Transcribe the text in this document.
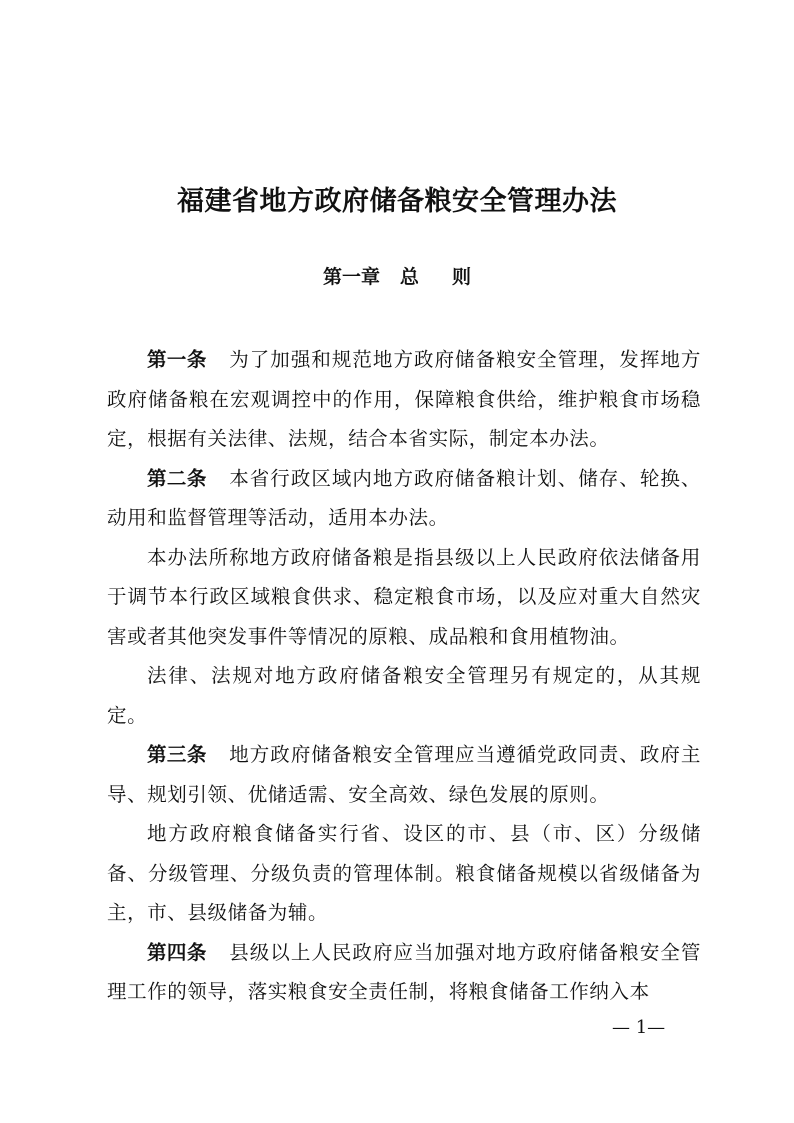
福建省地方政府储备粮安全管理办法
第一章   总     则

第一条 为了加强和规范地方政府储备粮安全管理，发挥地方政府储备粮在宏观调控中的作用，保障粮食供给，维护粮食市场稳定，根据有关法律、法规，结合本省实际，制定本办法。

第二条 本省行政区域内地方政府储备粮计划、储存、轮换、动用和监督管理等活动，适用本办法。

本办法所称地方政府储备粮是指县级以上人民政府依法储备用于调节本行政区域粮食供求、稳定粮食市场，以及应对重大自然灾害或者其他突发事件等情况的原粮、成品粮和食用植物油。

法律、法规对地方政府储备粮安全管理另有规定的，从其规定。

第三条 地方政府储备粮安全管理应当遵循党政同责、政府主导、规划引领、优储适需、安全高效、绿色发展的原则。

地方政府粮食储备实行省、设区的市、县（市、区）分级储备、分级管理、分级负责的管理体制。粮食储备规模以省级储备为主，市、县级储备为辅。

第四条 县级以上人民政府应当加强对地方政府储备粮安全管理工作的领导，落实粮食安全责任制，将粮食储备工作纳入本

— 1—
